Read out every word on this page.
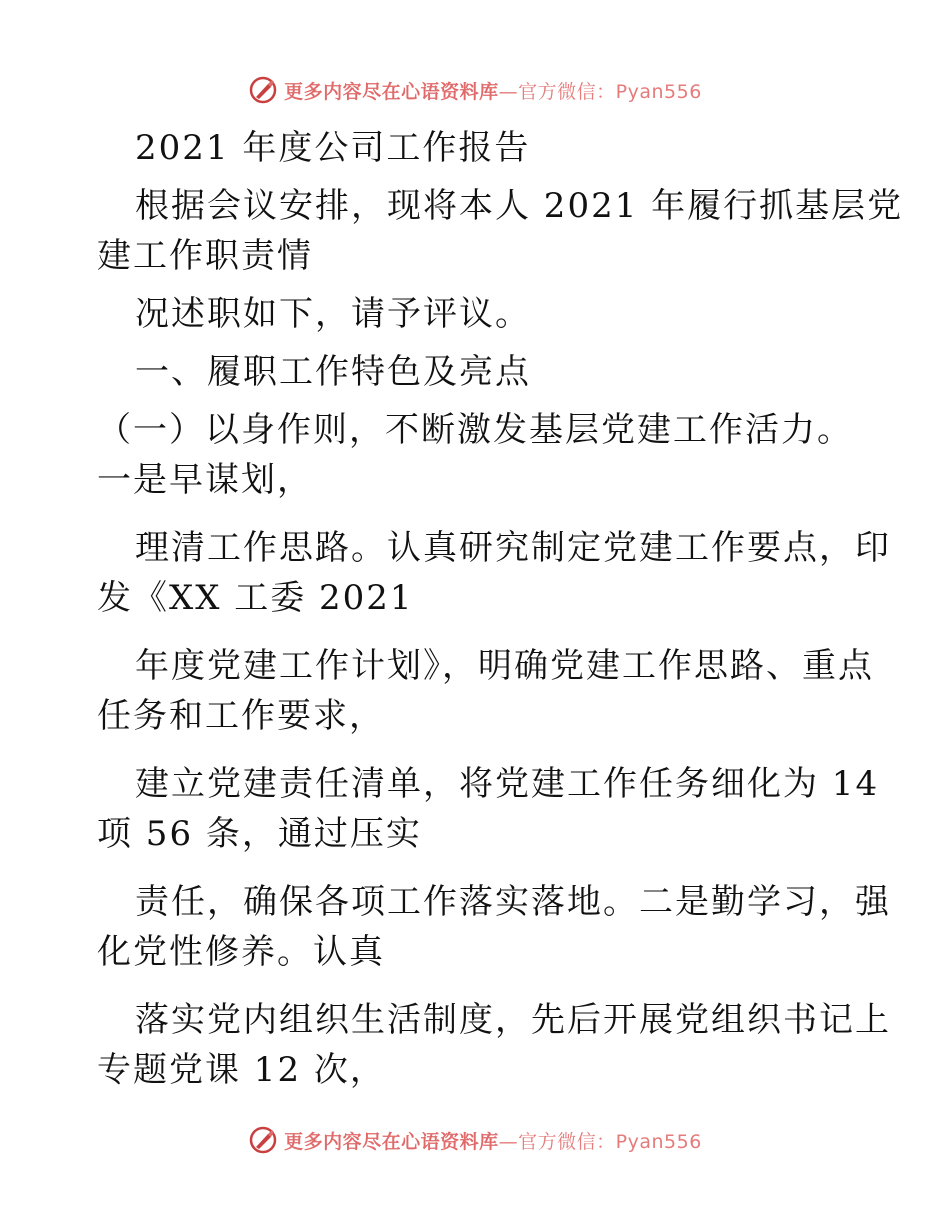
更多内容尽在心语资料库—官方微信：Pyan556
2021 年度公司工作报告
根据会议安排，现将本人 2021 年履行抓基层党
建工作职责情
况述职如下，请予评议。
一、履职工作特色及亮点
（一）以身作则，不断激发基层党建工作活力。
一是早谋划，
理清工作思路。认真研究制定党建工作要点，印
发《XX 工委 2021
年度党建工作计划》，明确党建工作思路、重点
任务和工作要求，
建立党建责任清单，将党建工作任务细化为 14
项 56 条，通过压实
责任，确保各项工作落实落地。二是勤学习，强
化党性修养。认真
落实党内组织生活制度，先后开展党组织书记上
专题党课 12 次，
更多内容尽在心语资料库—官方微信：Pyan556
